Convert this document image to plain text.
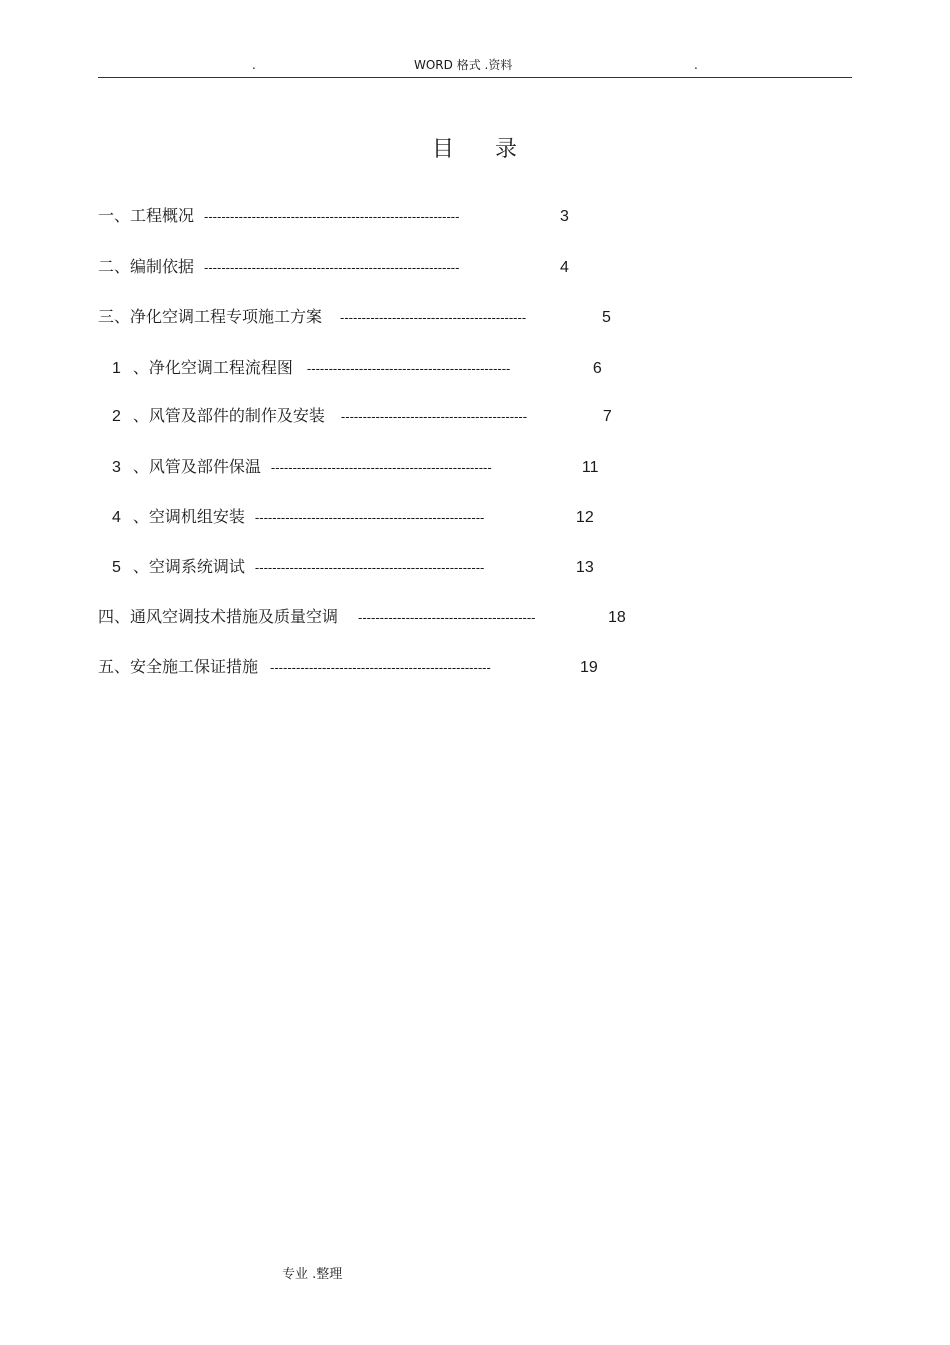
.	WORD 格式 .资料	.
目 录
一、工程概况 -----------------------------------------------------------	3
二、编制依据 -----------------------------------------------------------	4
三、净化空调工程专项施工方案 -------------------------------------------	5
1 、净化空调工程流程图 -----------------------------------------------	6
2 、风管及部件的制作及安装 -------------------------------------------	7
3 、风管及部件保温 ---------------------------------------------------	11
4 、空调机组安装 -----------------------------------------------------	12
5 、空调系统调试 -----------------------------------------------------	13
四、通风空调技术措施及质量空调 -----------------------------------------	18
五、安全施工保证措施 ---------------------------------------------------	19
专业 .整理
